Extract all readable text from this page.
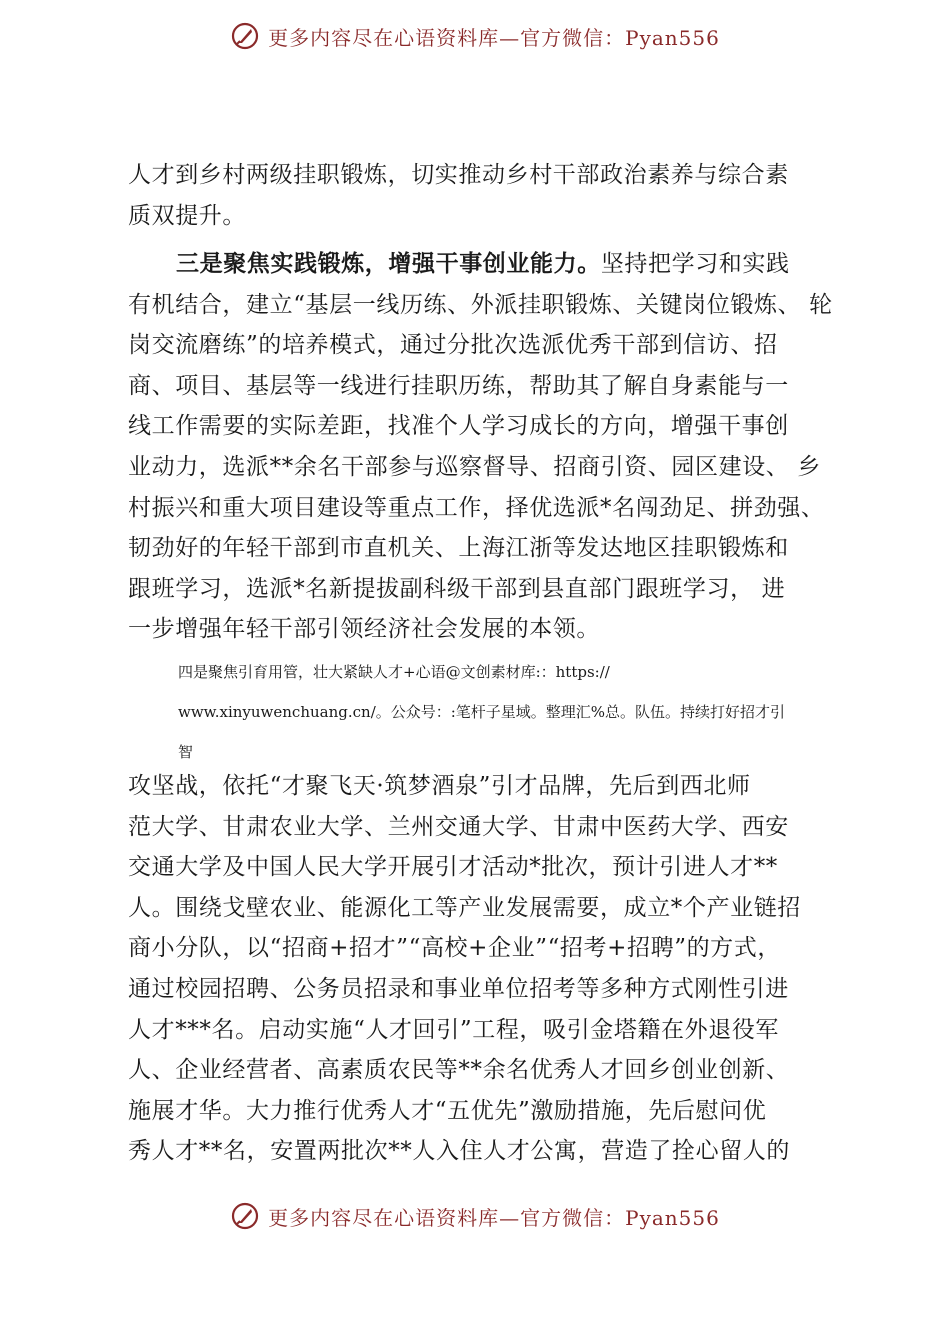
更多内容尽在心语资料库—官方微信：Pyan556
人才到乡村两级挂职锻炼，切实推动乡村干部政治素养与综合素
质双提升。
三是聚焦实践锻炼，增强干事创业能力。坚持把学习和实践
有机结合，建立“基层一线历练、外派挂职锻炼、关键岗位锻炼、 轮
岗交流磨练”的培养模式，通过分批次选派优秀干部到信访、招
商、项目、基层等一线进行挂职历练，帮助其了解自身素能与一
线工作需要的实际差距，找准个人学习成长的方向，增强干事创
业动力，选派**余名干部参与巡察督导、招商引资、园区建设、 乡
村振兴和重大项目建设等重点工作，择优选派*名闯劲足、拼劲强、
韧劲好的年轻干部到市直机关、上海江浙等发达地区挂职锻炼和
跟班学习，选派*名新提拔副科级干部到县直部门跟班学习， 进
一步增强年轻干部引领经济社会发展的本领。
四是聚焦引育用管，壮大紧缺人才+心语@文创素材库:：https://
www.xinyuwenchuang.cn/。公众号：:笔杆子星域。整理汇%总。队伍。持续打好招才引
智
攻坚战，依托“才聚飞天·筑梦酒泉”引才品牌，先后到西北师
范大学、甘肃农业大学、兰州交通大学、甘肃中医药大学、西安
交通大学及中国人民大学开展引才活动*批次，预计引进人才**
人。围绕戈壁农业、能源化工等产业发展需要，成立*个产业链招
商小分队，以“招商+招才”“高校+企业”“招考+招聘”的方式，
通过校园招聘、公务员招录和事业单位招考等多种方式刚性引进
人才***名。启动实施“人才回引”工程，吸引金塔籍在外退役军
人、企业经营者、高素质农民等**余名优秀人才回乡创业创新、
施展才华。大力推行优秀人才“五优先”激励措施，先后慰问优
秀人才**名，安置两批次**人入住人才公寓，营造了拴心留人的
更多内容尽在心语资料库—官方微信：Pyan556
